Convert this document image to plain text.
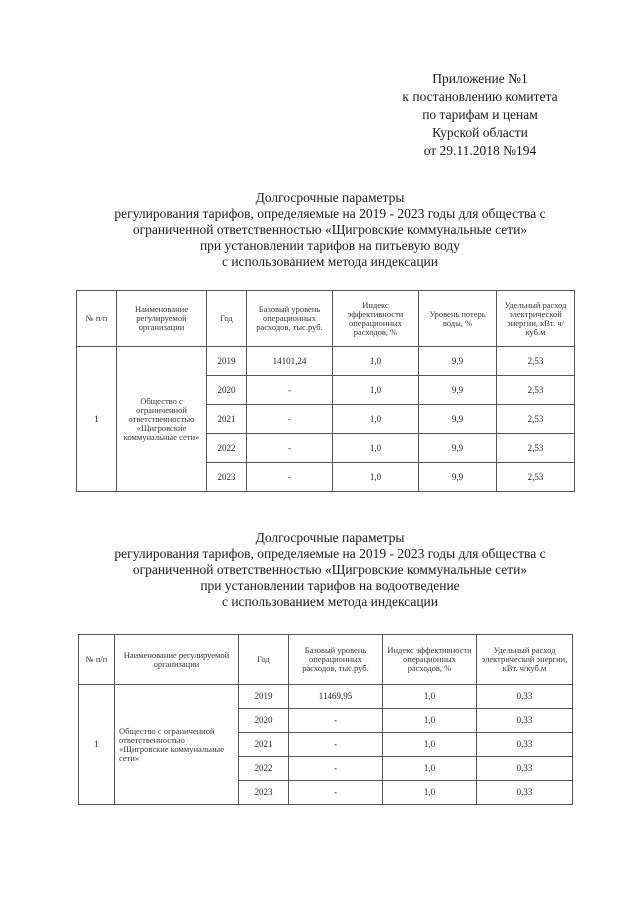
Приложение №1
к постановлению комитета
по тарифам и ценам
Курской области
от 29.11.2018 №194
Долгосрочные параметры
регулирования тарифов, определяемые на 2019 - 2023 годы для общества с
ограниченной ответственностью «Щигровские коммунальные сети»
при установлении тарифов на питьевую воду
с использованием метода индексации
№ п/п	Наименование регулируемой организации	Год	Базовый уровень операционных расходов, тыс.руб.	Индекс эффективности операционных расходов, %	Уровень потерь воды, %	Удельный расход электрической энергии, кВт. ч/куб.м
1	Общество с ограниченной ответственностью «Щигровские коммунальные сети»	2019	14101,24	1,0	9,9	2,53
		2020	-	1,0	9,9	2,53
		2021	-	1,0	9,9	2,53
		2022	-	1,0	9,9	2,53
		2023	-	1,0	9,9	2,53
Долгосрочные параметры
регулирования тарифов, определяемые на 2019 - 2023 годы для общества с
ограниченной ответственностью «Щигровские коммунальные сети»
при установлении тарифов на водоотведение
с использованием метода индексации
№ п/п	Наименование регулируемой организации	Год	Базовый уровень операционных расходов, тыс.руб.	Индекс эффективности операционных расходов, %	Удельный расход электрической энергии, кВт. ч/куб.м
1	Общество с ограниченной ответственностью «Щигровские коммунальные сети»	2019	11469,95	1,0	0,33
		2020	-	1,0	0,33
		2021	-	1,0	0,33
		2022	-	1,0	0,33
		2023	-	1,0	0,33
